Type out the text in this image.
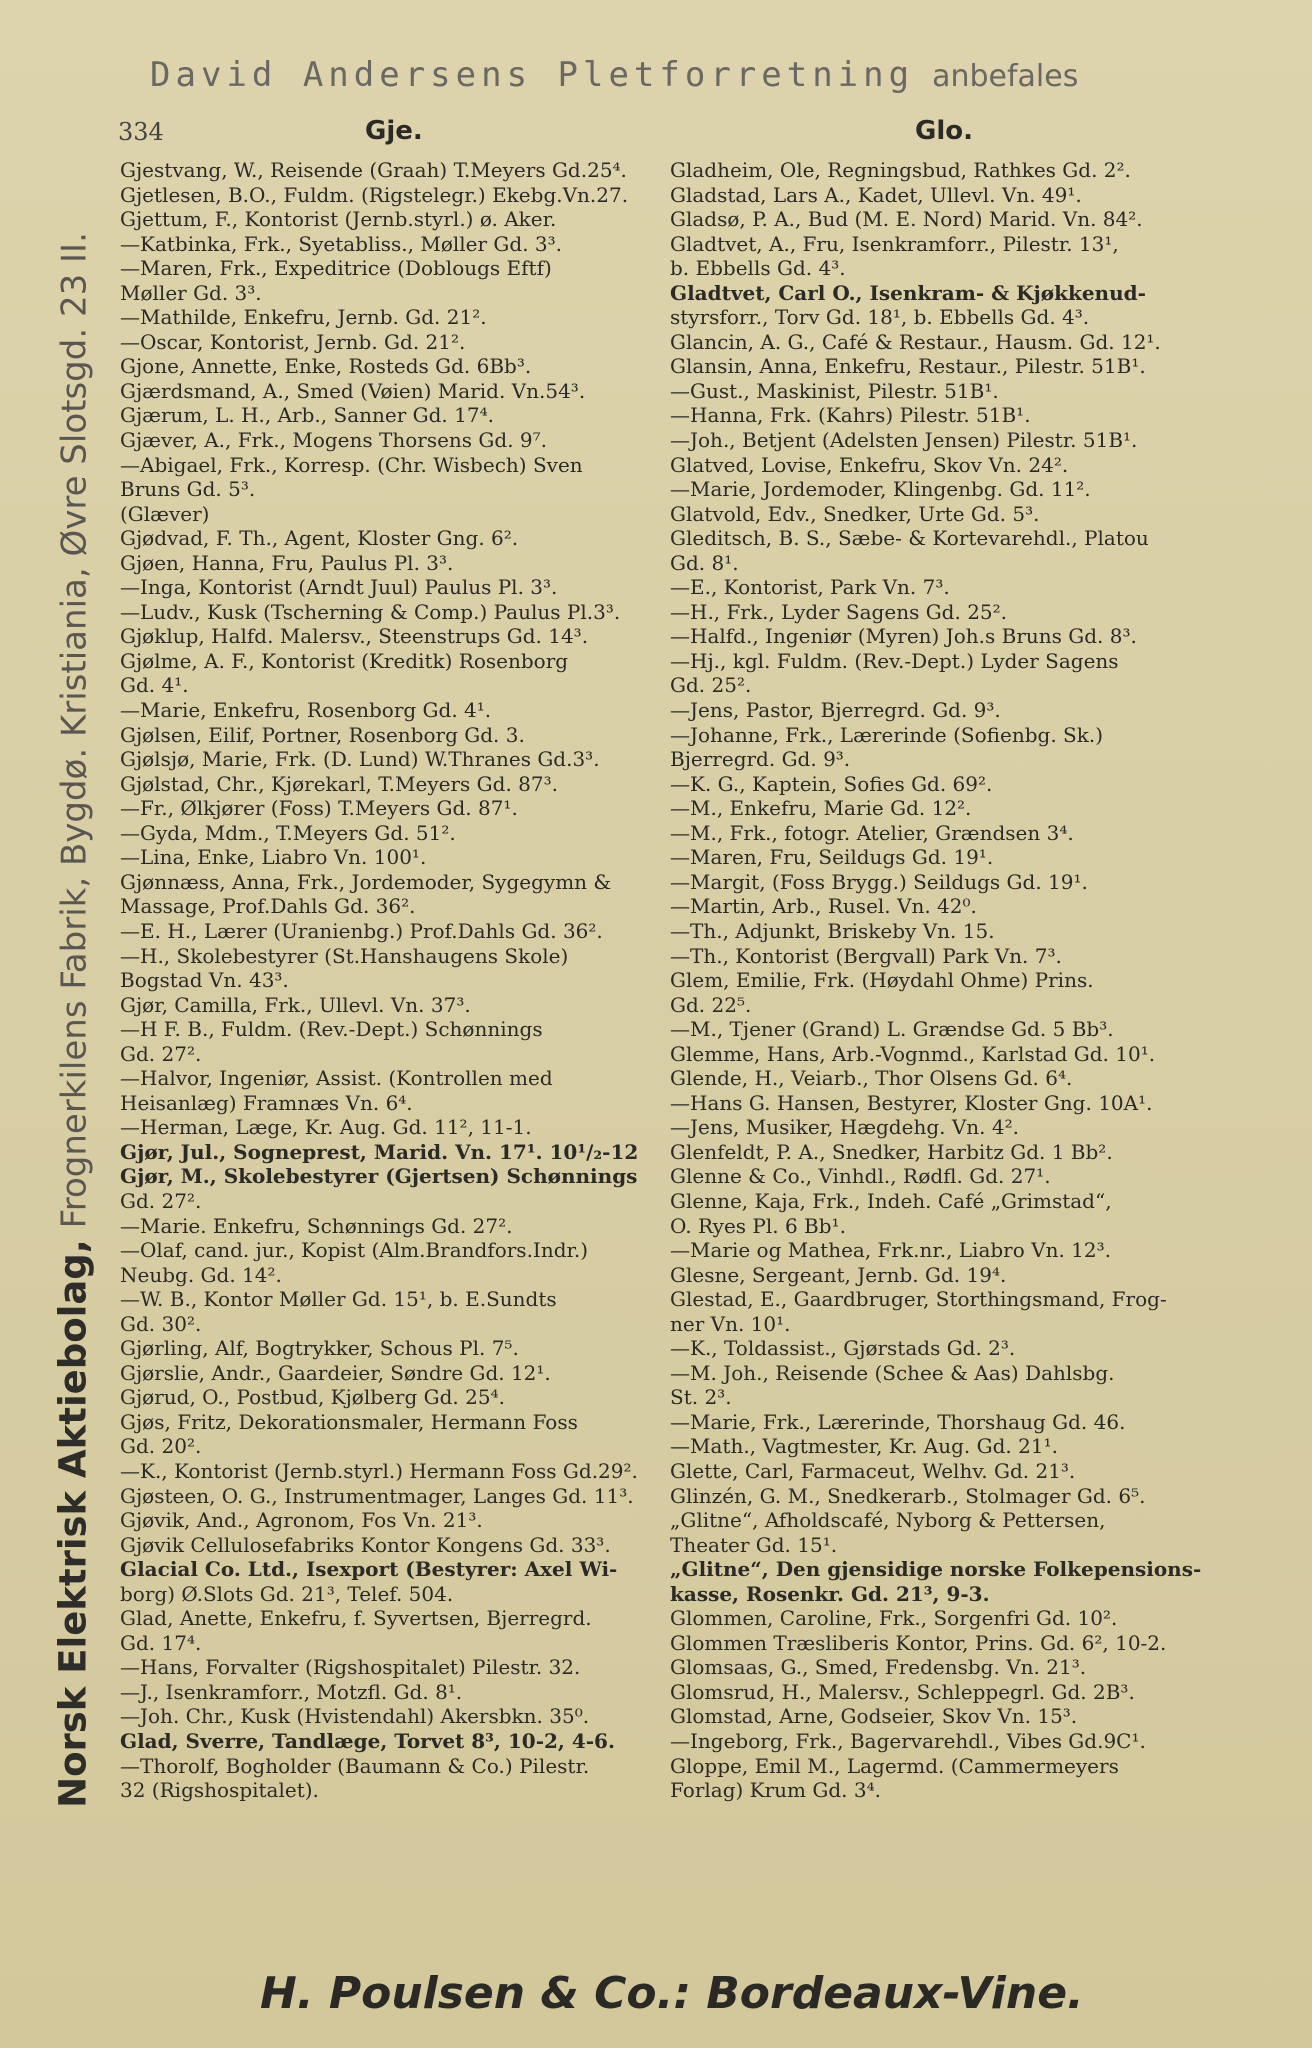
David Andersens Pletforretning anbefales
334	Gje.	Glo.
Norsk Elektrisk Aktiebolag, Frognerkilens Fabrik, Bygdø. Kristiania, Øvre Slotsgd. 23 II.
Gjestvang, W., Reisende (Graah) T.Meyers Gd.25⁴.
Gjetlesen, B.O., Fuldm. (Rigstelegr.) Ekebg.Vn.27.
Gjettum, F., Kontorist (Jernb.styrl.) ø. Aker.
—Katbinka, Frk., Syetabliss., Møller Gd. 3³.
—Maren, Frk., Expeditrice (Doblougs Eftf)
Møller Gd. 3³.
—Mathilde, Enkefru, Jernb. Gd. 21².
—Oscar, Kontorist, Jernb. Gd. 21².
Gjone, Annette, Enke, Rosteds Gd. 6Bb³.
Gjærdsmand, A., Smed (Vøien) Marid. Vn.54³.
Gjærum, L. H., Arb., Sanner Gd. 17⁴.
Gjæver, A., Frk., Mogens Thorsens Gd. 9⁷.
—Abigael, Frk., Korresp. (Chr. Wisbech) Sven
Bruns Gd. 5³.
(Glæver)
Gjødvad, F. Th., Agent, Kloster Gng. 6².
Gjøen, Hanna, Fru, Paulus Pl. 3³.
—Inga, Kontorist (Arndt Juul) Paulus Pl. 3³.
—Ludv., Kusk (Tscherning & Comp.) Paulus Pl.3³.
Gjøklup, Halfd. Malersv., Steenstrups Gd. 14³.
Gjølme, A. F., Kontorist (Kreditk) Rosenborg
Gd. 4¹.
—Marie, Enkefru, Rosenborg Gd. 4¹.
Gjølsen, Eilif, Portner, Rosenborg Gd. 3.
Gjølsjø, Marie, Frk. (D. Lund) W.Thranes Gd.3³.
Gjølstad, Chr., Kjørekarl, T.Meyers Gd. 87³.
—Fr., Ølkjører (Foss) T.Meyers Gd. 87¹.
—Gyda, Mdm., T.Meyers Gd. 51².
—Lina, Enke, Liabro Vn. 100¹.
Gjønnæss, Anna, Frk., Jordemoder, Sygegymn &
Massage, Prof.Dahls Gd. 36².
—E. H., Lærer (Uranienbg.) Prof.Dahls Gd. 36².
—H., Skolebestyrer (St.Hanshaugens Skole)
Bogstad Vn. 43³.
Gjør, Camilla, Frk., Ullevl. Vn. 37³.
—H F. B., Fuldm. (Rev.-Dept.) Schønnings
Gd. 27².
—Halvor, Ingeniør, Assist. (Kontrollen med
Heisanlæg) Framnæs Vn. 6⁴.
—Herman, Læge, Kr. Aug. Gd. 11², 11-1.
Gjør, Jul., Sogneprest, Marid. Vn. 17¹. 10¹/₂-12
Gjør, M., Skolebestyrer (Gjertsen) Schønnings
Gd. 27².
—Marie. Enkefru, Schønnings Gd. 27².
—Olaf, cand. jur., Kopist (Alm.Brandfors.Indr.)
Neubg. Gd. 14².
—W. B., Kontor Møller Gd. 15¹, b. E.Sundts
Gd. 30².
Gjørling, Alf, Bogtrykker, Schous Pl. 7⁵.
Gjørslie, Andr., Gaardeier, Søndre Gd. 12¹.
Gjørud, O., Postbud, Kjølberg Gd. 25⁴.
Gjøs, Fritz, Dekorationsmaler, Hermann Foss
Gd. 20².
—K., Kontorist (Jernb.styrl.) Hermann Foss Gd.29².
Gjøsteen, O. G., Instrumentmager, Langes Gd. 11³.
Gjøvik, And., Agronom, Fos Vn. 21³.
Gjøvik Cellulosefabriks Kontor Kongens Gd. 33³.
Glacial Co. Ltd., Isexport (Bestyrer: Axel Wi-
borg) Ø.Slots Gd. 21³, Telef. 504.
Glad, Anette, Enkefru, f. Syvertsen, Bjerregrd.
Gd. 17⁴.
—Hans, Forvalter (Rigshospitalet) Pilestr. 32.
—J., Isenkramforr., Motzfl. Gd. 8¹.
—Joh. Chr., Kusk (Hvistendahl) Akersbkn. 35⁰.
Glad, Sverre, Tandlæge, Torvet 8³, 10-2, 4-6.
—Thorolf, Bogholder (Baumann & Co.) Pilestr.
32 (Rigshospitalet).
Gladheim, Ole, Regningsbud, Rathkes Gd. 2².
Gladstad, Lars A., Kadet, Ullevl. Vn. 49¹.
Gladsø, P. A., Bud (M. E. Nord) Marid. Vn. 84².
Gladtvet, A., Fru, Isenkramforr., Pilestr. 13¹,
b. Ebbells Gd. 4³.
Gladtvet, Carl O., Isenkram- & Kjøkkenud-
styrsforr., Torv Gd. 18¹, b. Ebbells Gd. 4³.
Glancin, A. G., Café & Restaur., Hausm. Gd. 12¹.
Glansin, Anna, Enkefru, Restaur., Pilestr. 51B¹.
—Gust., Maskinist, Pilestr. 51B¹.
—Hanna, Frk. (Kahrs) Pilestr. 51B¹.
—Joh., Betjent (Adelsten Jensen) Pilestr. 51B¹.
Glatved, Lovise, Enkefru, Skov Vn. 24².
—Marie, Jordemoder, Klingenbg. Gd. 11².
Glatvold, Edv., Snedker, Urte Gd. 5³.
Gleditsch, B. S., Sæbe- & Kortevarehdl., Platou
Gd. 8¹.
—E., Kontorist, Park Vn. 7³.
—H., Frk., Lyder Sagens Gd. 25².
—Halfd., Ingeniør (Myren) Joh.s Bruns Gd. 8³.
—Hj., kgl. Fuldm. (Rev.-Dept.) Lyder Sagens
Gd. 25².
—Jens, Pastor, Bjerregrd. Gd. 9³.
—Johanne, Frk., Lærerinde (Sofienbg. Sk.)
Bjerregrd. Gd. 9³.
—K. G., Kaptein, Sofies Gd. 69².
—M., Enkefru, Marie Gd. 12².
—M., Frk., fotogr. Atelier, Grændsen 3⁴.
—Maren, Fru, Seildugs Gd. 19¹.
—Margit, (Foss Brygg.) Seildugs Gd. 19¹.
—Martin, Arb., Rusel. Vn. 42⁰.
—Th., Adjunkt, Briskeby Vn. 15.
—Th., Kontorist (Bergvall) Park Vn. 7³.
Glem, Emilie, Frk. (Høydahl Ohme) Prins.
Gd. 22⁵.
—M., Tjener (Grand) L. Grændse Gd. 5 Bb³.
Glemme, Hans, Arb.-Vognmd., Karlstad Gd. 10¹.
Glende, H., Veiarb., Thor Olsens Gd. 6⁴.
—Hans G. Hansen, Bestyrer, Kloster Gng. 10A¹.
—Jens, Musiker, Hægdehg. Vn. 4².
Glenfeldt, P. A., Snedker, Harbitz Gd. 1 Bb².
Glenne & Co., Vinhdl., Rødfl. Gd. 27¹.
Glenne, Kaja, Frk., Indeh. Café „Grimstad“,
O. Ryes Pl. 6 Bb¹.
—Marie og Mathea, Frk.nr., Liabro Vn. 12³.
Glesne, Sergeant, Jernb. Gd. 19⁴.
Glestad, E., Gaardbruger, Storthingsmand, Frog-
ner Vn. 10¹.
—K., Toldassist., Gjørstads Gd. 2³.
—M. Joh., Reisende (Schee & Aas) Dahlsbg.
St. 2³.
—Marie, Frk., Lærerinde, Thorshaug Gd. 46.
—Math., Vagtmester, Kr. Aug. Gd. 21¹.
Glette, Carl, Farmaceut, Welhv. Gd. 21³.
Glinzén, G. M., Snedkerarb., Stolmager Gd. 6⁵.
„Glitne“, Afholdscafé, Nyborg & Pettersen,
Theater Gd. 15¹.
„Glitne“, Den gjensidige norske Folkepensions-
kasse, Rosenkr. Gd. 21³, 9-3.
Glommen, Caroline, Frk., Sorgenfri Gd. 10².
Glommen Træsliberis Kontor, Prins. Gd. 6², 10-2.
Glomsaas, G., Smed, Fredensbg. Vn. 21³.
Glomsrud, H., Malersv., Schleppegrl. Gd. 2B³.
Glomstad, Arne, Godseier, Skov Vn. 15³.
—Ingeborg, Frk., Bagervarehdl., Vibes Gd.9C¹.
Gloppe, Emil M., Lagermd. (Cammermeyers
Forlag) Krum Gd. 3⁴.
H. Poulsen & Co.: Bordeaux-Vine.
